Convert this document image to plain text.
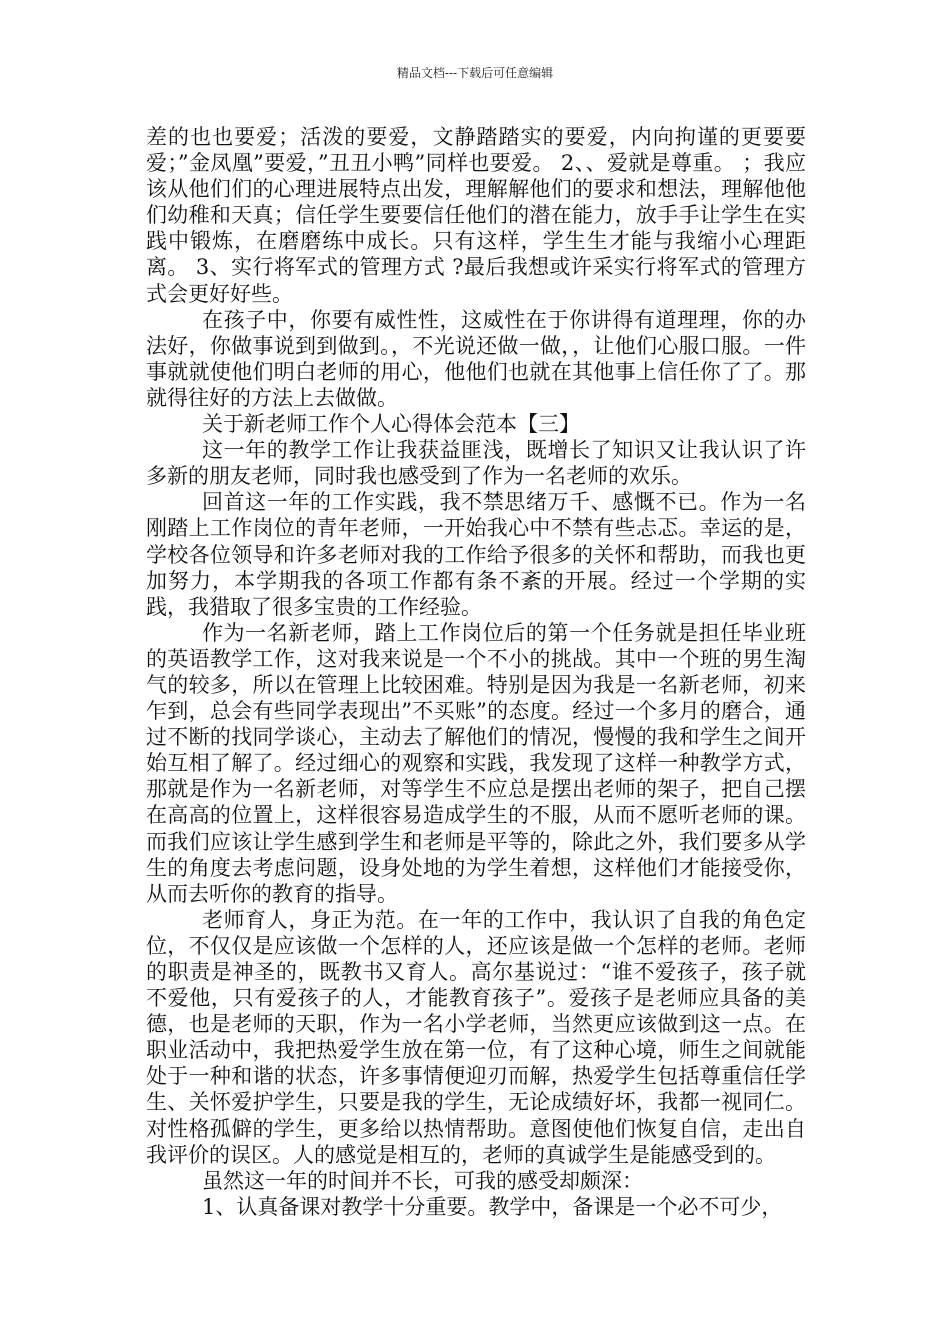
精品文档---下载后可任意编辑

差的也也要爱；活泼的要爱，文静踏踏实的要爱，内向拘谨的更要要爱；”金凤凰”要爱，”丑丑小鸭”同样也要爱。 2、、爱就是尊重。 ；我应该从他们们的心理进展特点出发，理解解他们的要求和想法，理解他他们幼稚和天真；信任学生要要信任他们的潜在能力，放手手让学生在实践中锻炼，在磨磨练中成长。只有这样，学生生才能与我缩小心理距离。 3、实行将军式的管理方式 ?最后我想或许采实行将军式的管理方式会更好好些。

在孩子中，你要有威性性，这威性在于你讲得有道理理，你的办法好，你做事说到到做到。，不光说还做一做，，让他们心服口服。一件事就就使他们明白老师的用心，他他们也就在其他事上信任你了了。那就得往好的方法上去做做。

关于新老师工作个人心得体会范本【三】

这一年的教学工作让我获益匪浅，既增长了知识又让我认识了许多新的朋友老师，同时我也感受到了作为一名老师的欢乐。

回首这一年的工作实践，我不禁思绪万千、感慨不已。作为一名刚踏上工作岗位的青年老师，一开始我心中不禁有些忐忑。幸运的是，学校各位领导和许多老师对我的工作给予很多的关怀和帮助，而我也更加努力，本学期我的各项工作都有条不紊的开展。经过一个学期的实践，我猎取了很多宝贵的工作经验。

作为一名新老师，踏上工作岗位后的第一个任务就是担任毕业班的英语教学工作，这对我来说是一个不小的挑战。其中一个班的男生淘气的较多，所以在管理上比较困难。特别是因为我是一名新老师，初来乍到，总会有些同学表现出”不买账”的态度。经过一个多月的磨合，通过不断的找同学谈心，主动去了解他们的情况，慢慢的我和学生之间开始互相了解了。经过细心的观察和实践，我发现了这样一种教学方式，那就是作为一名新老师，对等学生不应总是摆出老师的架子，把自己摆在高高的位置上，这样很容易造成学生的不服，从而不愿听老师的课。而我们应该让学生感到学生和老师是平等的，除此之外，我们要多从学生的角度去考虑问题，设身处地的为学生着想，这样他们才能接受你，从而去听你的教育的指导。

老师育人，身正为范。在一年的工作中，我认识了自我的角色定位，不仅仅是应该做一个怎样的人，还应该是做一个怎样的老师。老师的职责是神圣的，既教书又育人。高尔基说过：“谁不爱孩子，孩子就不爱他，只有爱孩子的人，才能教育孩子”。爱孩子是老师应具备的美德，也是老师的天职，作为一名小学老师，当然更应该做到这一点。在职业活动中，我把热爱学生放在第一位，有了这种心境，师生之间就能处于一种和谐的状态，许多事情便迎刃而解，热爱学生包括尊重信任学生、关怀爱护学生，只要是我的学生，无论成绩好坏，我都一视同仁。对性格孤僻的学生，更多给以热情帮助。意图使他们恢复自信，走出自我评价的误区。人的感觉是相互的，老师的真诚学生是能感受到的。

虽然这一年的时间并不长，可我的感受却颇深：

1、认真备课对教学十分重要。教学中，备课是一个必不可少，
